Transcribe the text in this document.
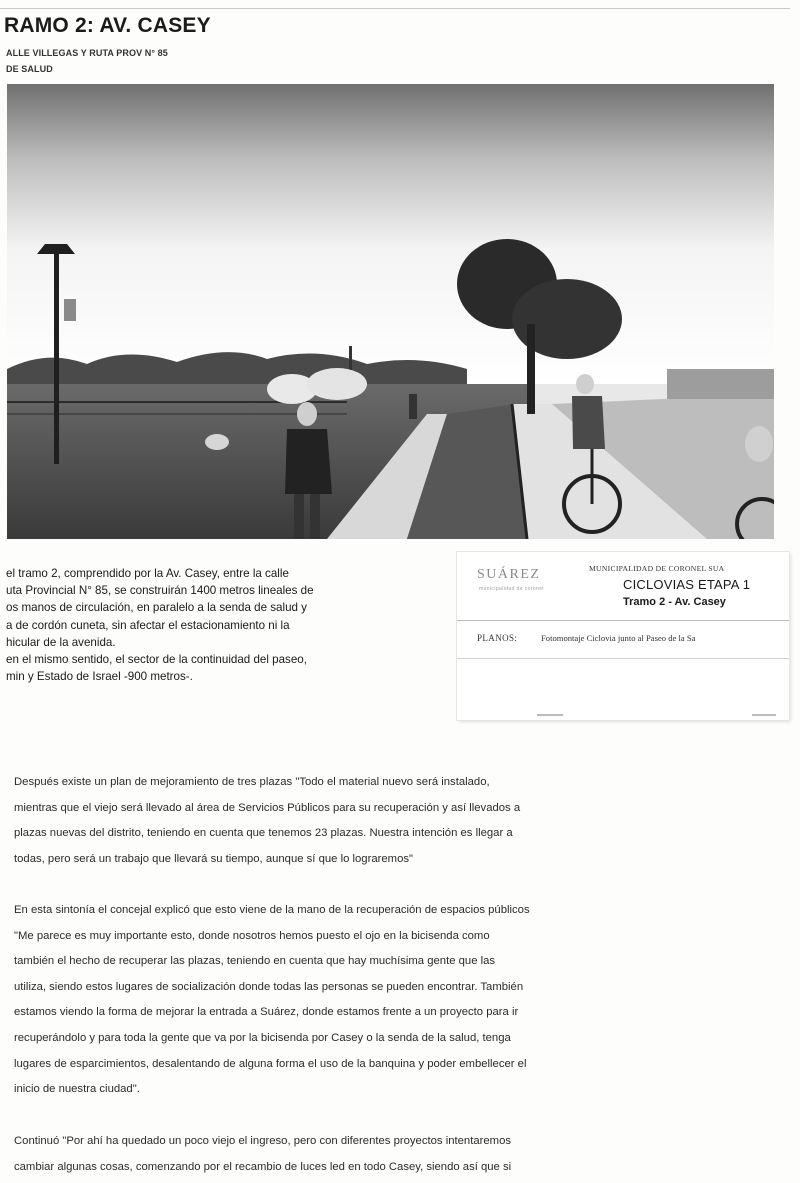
RAMO 2: AV. CASEY
ALLE VILLEGAS Y RUTA PROV N° 85
DE SALUD
el tramo 2, comprendido por la Av. Casey, entre la calle
uta Provincial N° 85, se construirán 1400 metros lineales de
os manos de circulación, en paralelo a la senda de salud y
a de cordón cuneta, sin afectar el estacionamiento ni la
hicular de la avenida.
en el mismo sentido, el sector de la continuidad del paseo,
min y Estado de Israel -900 metros-.
SUÁREZ
municipalidad de coronel
MUNICIPALIDAD DE CORONEL SUA
CICLOVIAS ETAPA 1
Tramo 2 - Av. Casey
PLANOS:	Fotomontaje Ciclovia junto al Paseo de la Sa
Después existe un plan de mejoramiento de tres plazas "Todo el material nuevo será instalado,
mientras que el viejo será llevado al área de Servicios Públicos para su recuperación y así llevados a
plazas nuevas del distrito, teniendo en cuenta que tenemos 23 plazas. Nuestra intención es llegar a
todas, pero será un trabajo que llevará su tiempo, aunque sí que lo lograremos"
En esta sintonía el concejal explicó que esto viene de la mano de la recuperación de espacios públicos
"Me parece es muy importante esto, donde nosotros hemos puesto el ojo en la bicisenda como
también el hecho de recuperar las plazas, teniendo en cuenta que hay muchísima gente que las
utiliza, siendo estos lugares de socialización donde todas las personas se pueden encontrar. También
estamos viendo la forma de mejorar la entrada a Suárez, donde estamos frente a un proyecto para ir
recuperándolo y para toda la gente que va por la bicisenda por Casey o la senda de la salud, tenga
lugares de esparcimientos, desalentando de alguna forma el uso de la banquina y poder embellecer el
inicio de nuestra ciudad".
Continuó "Por ahí ha quedado un poco viejo el ingreso, pero con diferentes proyectos intentaremos
cambiar algunas cosas, comenzando por el recambio de luces led en todo Casey, siendo así que si
